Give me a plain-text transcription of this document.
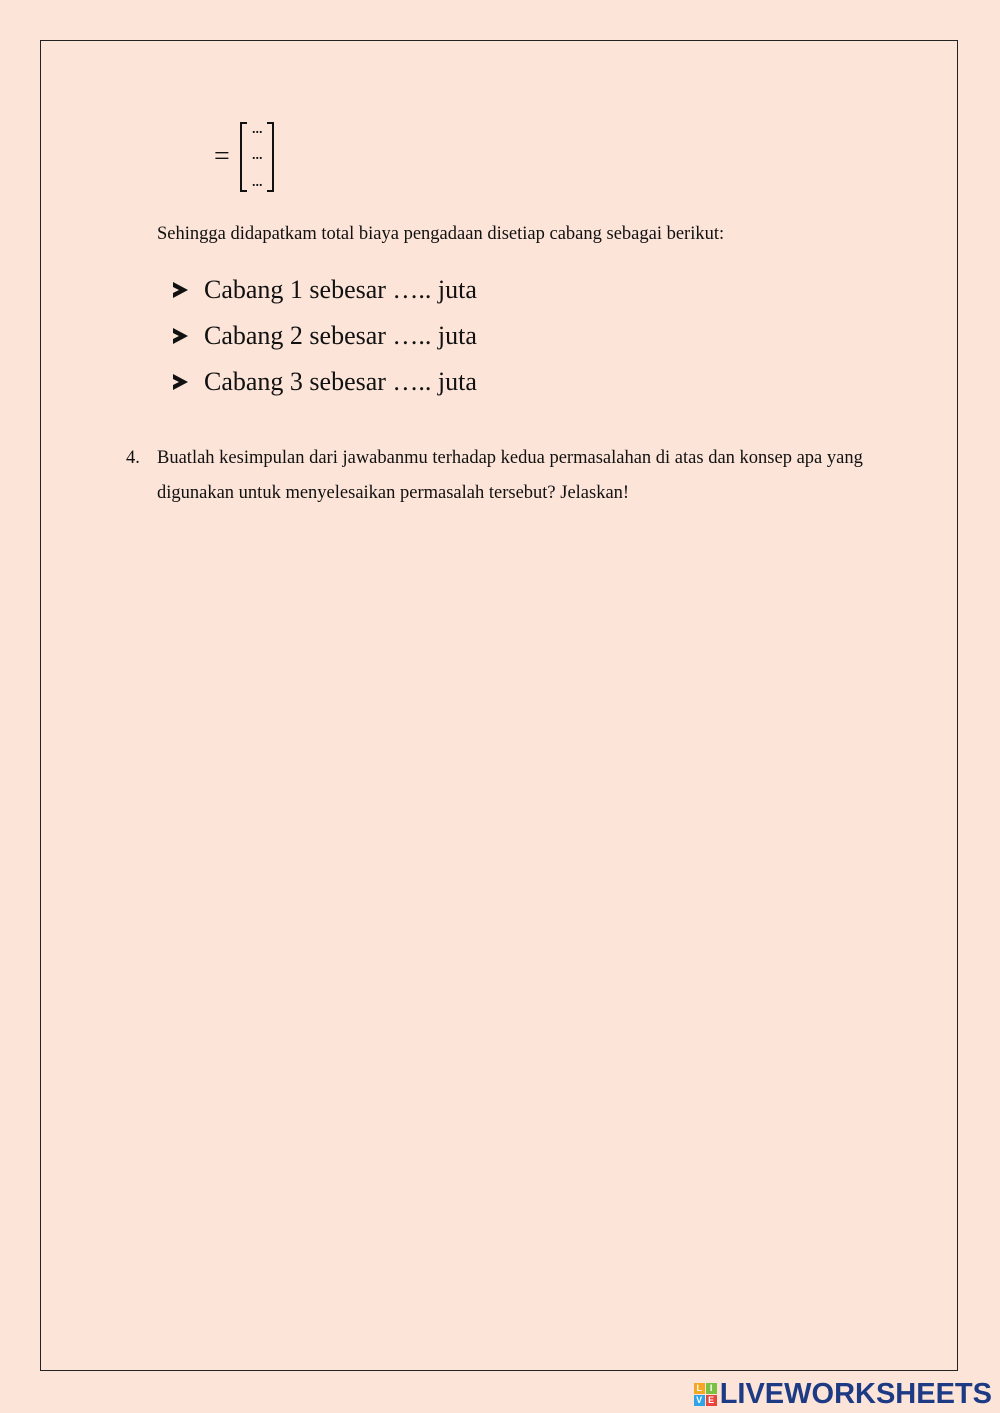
=
...
...
...
Sehingga didapatkam total biaya pengadaan disetiap cabang sebagai berikut:
Cabang 1 sebesar ….. juta
Cabang 2 sebesar ….. juta
Cabang 3 sebesar ….. juta
4. Buatlah kesimpulan dari jawabanmu terhadap kedua permasalahan di atas dan konsep apa yang digunakan untuk menyelesaikan permasalah tersebut? Jelaskan!
L I
V E LIVEWORKSHEETS
